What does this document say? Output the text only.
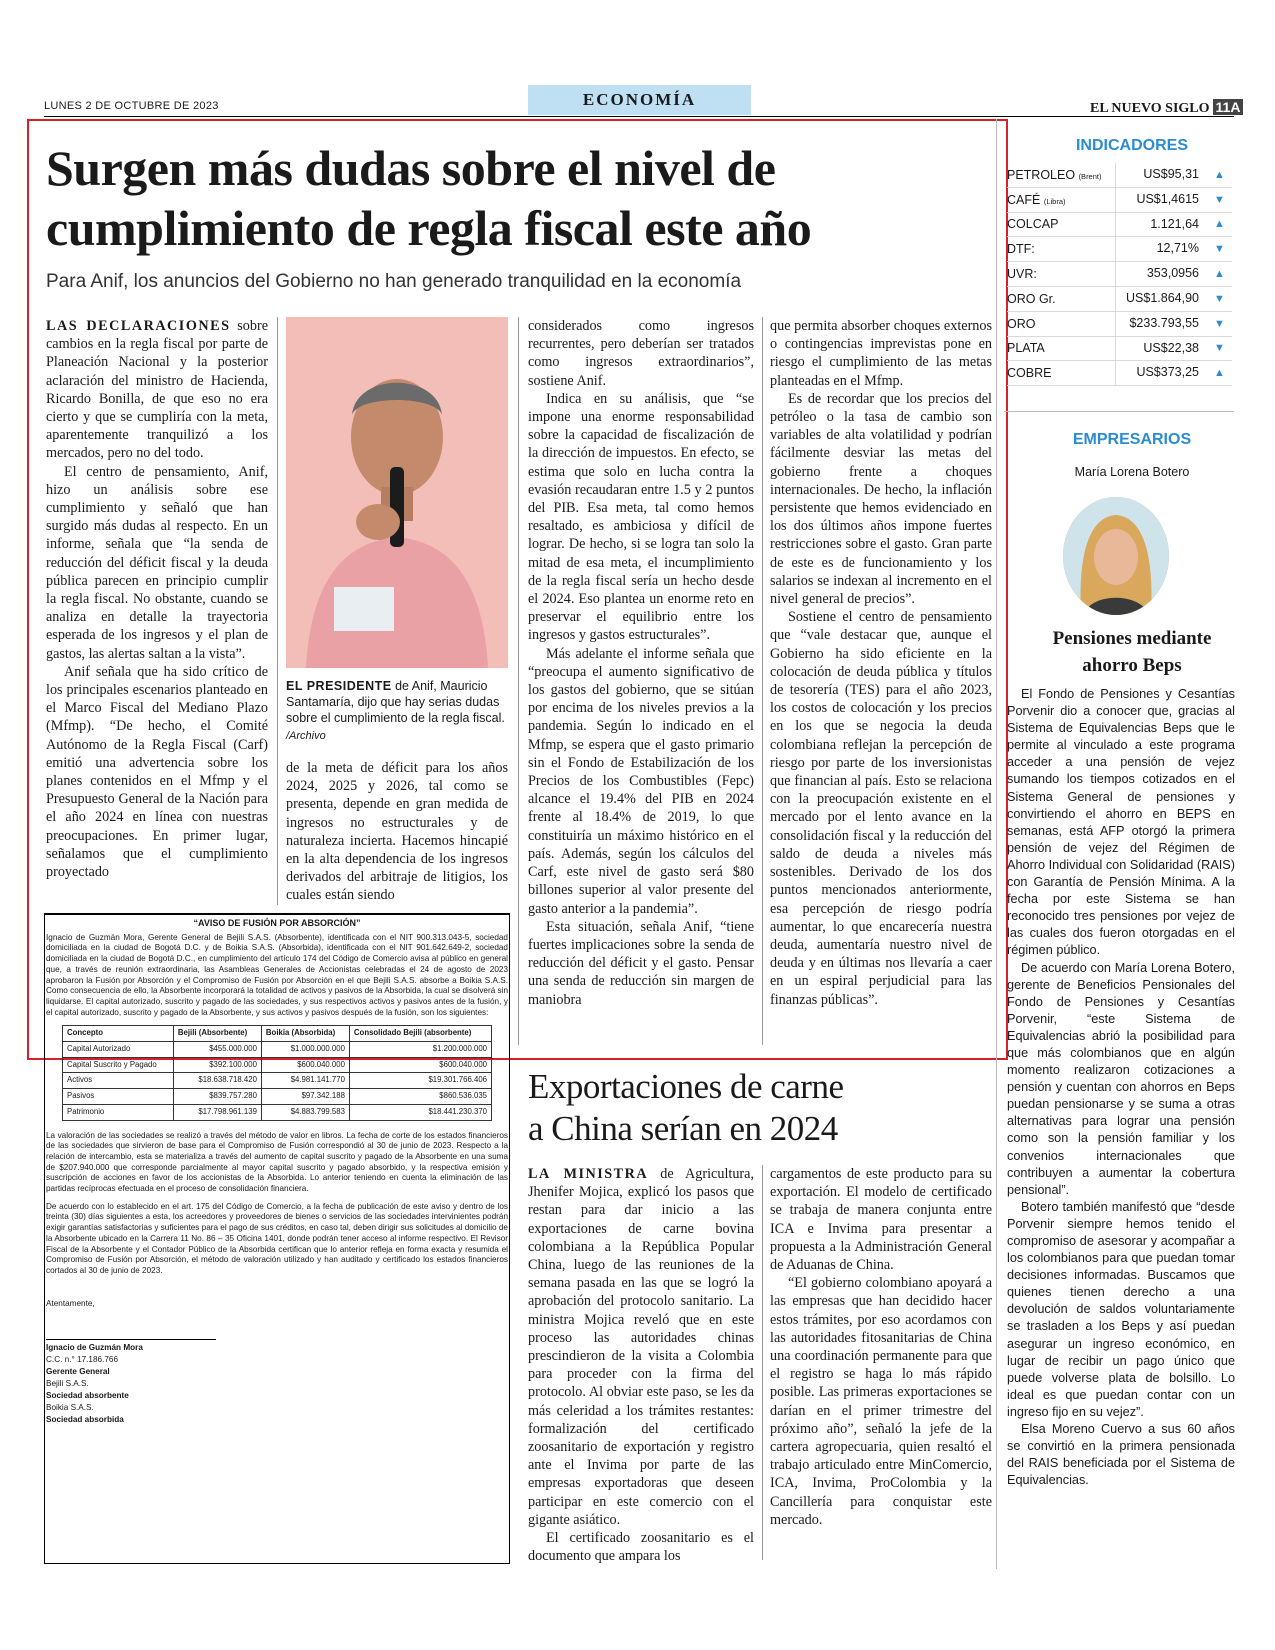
LUNES 2 DE OCTUBRE DE 2023	ECONOMÍA	EL NUEVO SIGLO 11A
Surgen más dudas sobre el nivel de
cumplimiento de regla fiscal este año
Para Anif, los anuncios del Gobierno no han generado tranquilidad en la economía

LAS DECLARACIONES sobre cambios en la regla fiscal por parte de Planeación Nacional y la posterior aclaración del ministro de Hacienda, Ricardo Bonilla, de que eso no era cierto y que se cumpliría con la meta, aparentemente tranquilizó a los mercados, pero no del todo.

El centro de pensamiento, Anif, hizo un análisis sobre ese cumplimiento y señaló que han surgido más dudas al respecto. En un informe, señala que “la senda de reducción del déficit fiscal y la deuda pública parecen en principio cumplir la regla fiscal. No obstante, cuando se analiza en detalle la trayectoria esperada de los ingresos y el plan de gastos, las alertas saltan a la vista”.

Anif señala que ha sido crítico de los principales escenarios planteado en el Marco Fiscal del Mediano Plazo (Mfmp). “De hecho, el Comité Autónomo de la Regla Fiscal (Carf) emitió una advertencia sobre los planes contenidos en el Mfmp y el Presupuesto General de la Nación para el año 2024 en línea con nuestras preocupaciones. En primer lugar, señalamos que el cumplimiento proyectado

EL PRESIDENTE de Anif, Mauricio Santamaría, dijo que hay serias dudas sobre el cumplimiento de la regla fiscal. /Archivo

de la meta de déficit para los años 2024, 2025 y 2026, tal como se presenta, depende en gran medida de ingresos no estructurales y de naturaleza incierta. Hacemos hincapié en la alta dependencia de los ingresos derivados del arbitraje de litigios, los cuales están siendo

considerados como ingresos recurrentes, pero deberían ser tratados como ingresos extraordinarios”, sostiene Anif.

Indica en su análisis, que “se impone una enorme responsabilidad sobre la capacidad de fiscalización de la dirección de impuestos. En efecto, se estima que solo en lucha contra la evasión recaudaran entre 1.5 y 2 puntos del PIB. Esa meta, tal como hemos resaltado, es ambiciosa y difícil de lograr. De hecho, si se logra tan solo la mitad de esa meta, el incumplimiento de la regla fiscal sería un hecho desde el 2024. Eso plantea un enorme reto en preservar el equilibrio entre los ingresos y gastos estructurales”.

Más adelante el informe señala que “preocupa el aumento significativo de los gastos del gobierno, que se sitúan por encima de los niveles previos a la pandemia. Según lo indicado en el Mfmp, se espera que el gasto primario sin el Fondo de Estabilización de los Precios de los Combustibles (Fepc) alcance el 19.4% del PIB en 2024 frente al 18.4% de 2019, lo que constituiría un máximo histórico en el país. Además, según los cálculos del Carf, este nivel de gasto será $80 billones superior al valor presente del gasto anterior a la pandemia”.

Esta situación, señala Anif, “tiene fuertes implicaciones sobre la senda de reducción del déficit y el gasto. Pensar una senda de reducción sin margen de maniobra

que permita absorber choques externos o contingencias imprevistas pone en riesgo el cumplimiento de las metas planteadas en el Mfmp.

Es de recordar que los precios del petróleo o la tasa de cambio son variables de alta volatilidad y podrían fácilmente desviar las metas del gobierno frente a choques internacionales. De hecho, la inflación persistente que hemos evidenciado en los dos últimos años impone fuertes restricciones sobre el gasto. Gran parte de este es de funcionamiento y los salarios se indexan al incremento en el nivel general de precios”.

Sostiene el centro de pensamiento que “vale destacar que, aunque el Gobierno ha sido eficiente en la colocación de deuda pública y títulos de tesorería (TES) para el año 2023, los costos de colocación y los precios en los que se negocia la deuda colombiana reflejan la percepción de riesgo por parte de los inversionistas que financian al país. Esto se relaciona con la preocupación existente en el mercado por el lento avance en la consolidación fiscal y la reducción del saldo de deuda a niveles más sostenibles. Derivado de los dos puntos mencionados anteriormente, esa percepción de riesgo podría aumentar, lo que encarecería nuestra deuda, aumentaría nuestro nivel de deuda y en últimas nos llevaría a caer en un espiral perjudicial para las finanzas públicas”.

“AVISO DE FUSIÓN POR ABSORCIÓN”

Ignacio de Guzmán Mora, Gerente General de Bejili S.A.S. (Absorbente), identificada con el NIT 900.313.043-5, sociedad domiciliada en la ciudad de Bogotá D.C. y de Boikia S.A.S. (Absorbida), identificada con el NIT 901.642.649-2, sociedad domiciliada en la ciudad de Bogotá D.C., en cumplimiento del artículo 174 del Código de Comercio avisa al público en general que, a través de reunión extraordinaria, las Asambleas Generales de Accionistas celebradas el 24 de agosto de 2023 aprobaron la Fusión por Absorción y el Compromiso de Fusión por Absorción en el que Bejili S.A.S. absorbe a Boikia S.A.S. Como consecuencia de ello, la Absorbente incorporará la totalidad de activos y pasivos de la Absorbida, la cual se disolverá sin liquidarse. El capital autorizado, suscrito y pagado de las sociedades, y sus respectivos activos y pasivos antes de la fusión, y el capital autorizado, suscrito y pagado de la Absorbente, y sus activos y pasivos después de la fusión, son los siguientes:

Concepto	Bejili (Absorbente)	Boikia (Absorbida)	Consolidado Bejili (absorbente)
Capital Autorizado	$455.000.000	$1.000.000.000	$1.200.000.000
Capital Suscrito y Pagado	$392.100.000	$600.040.000	$600.040.000
Activos	$18.638.718.420	$4.981.141.770	$19.301.766.406
Pasivos	$839.757.280	$97.342.188	$860.536.035
Patrimonio	$17.798.961.139	$4.883.799.583	$18.441.230.370

La valoración de las sociedades se realizó a través del método de valor en libros. La fecha de corte de los estados financieros de las sociedades que sirvieron de base para el Compromiso de Fusión correspondió al 30 de junio de 2023. Respecto a la relación de intercambio, esta se materializa a través del aumento de capital suscrito y pagado de la Absorbente en una suma de $207.940.000 que corresponde parcialmente al mayor capital suscrito y pagado absorbido, y la respectiva emisión y suscripción de acciones en favor de los accionistas de la Absorbida. Lo anterior teniendo en cuenta la eliminación de las partidas recíprocas efectuada en el proceso de consolidación financiera.

De acuerdo con lo establecido en el art. 175 del Código de Comercio, a la fecha de publicación de este aviso y dentro de los treinta (30) días siguientes a esta, los acreedores y proveedores de bienes o servicios de las sociedades intervinientes podrán exigir garantías satisfactorias y suficientes para el pago de sus créditos, en caso tal, deben dirigir sus solicitudes al domicilio de la Absorbente ubicado en la Carrera 11 No. 86 – 35 Oficina 1401, donde podrán tener acceso al informe respectivo. El Revisor Fiscal de la Absorbente y el Contador Público de la Absorbida certifican que lo anterior refleja en forma exacta y resumida el Compromiso de Fusión por Absorción, el método de valoración utilizado y han auditado y certificado los estados financieros cortados al 30 de junio de 2023.

Atentamente,

Ignacio de Guzmán Mora
C.C. n.° 17.186.766
Gerente General
Bejili S.A.S.
Sociedad absorbente
Boikia S.A.S.
Sociedad absorbida
Exportaciones de carne
a China serían en 2024

LA MINISTRA de Agricultura, Jhenifer Mojica, explicó los pasos que restan para dar inicio a las exportaciones de carne bovina colombiana a la República Popular China, luego de las reuniones de la semana pasada en las que se logró la aprobación del protocolo sanitario. La ministra Mojica reveló que en este proceso las autoridades chinas prescindieron de la visita a Colombia para proceder con la firma del protocolo. Al obviar este paso, se les da más celeridad a los trámites restantes: formalización del certificado zoosanitario de exportación y registro ante el Invima por parte de las empresas exportadoras que deseen participar en este comercio con el gigante asiático.

El certificado zoosanitario es el documento que ampara los

cargamentos de este producto para su exportación. El modelo de certificado se trabaja de manera conjunta entre ICA e Invima para presentar a propuesta a la Administración General de Aduanas de China.

“El gobierno colombiano apoyará a las empresas que han decidido hacer estos trámites, por eso acordamos con las autoridades fitosanitarias de China una coordinación permanente para que el registro se haga lo más rápido posible. Las primeras exportaciones se darían en el primer trimestre del próximo año”, señaló la jefe de la cartera agropecuaria, quien resaltó el trabajo articulado entre MinComercio, ICA, Invima, ProColombia y la Cancillería para conquistar este mercado.

INDICADORES
PETROLEO (Brent)	US$95,31	▲
CAFÉ (Libra)	US$1,4615	▼
COLCAP	1.121,64	▲
DTF:	12,71%	▼
UVR:	353,0956	▲
ORO Gr.	US$1.864,90	▼
ORO	$233.793,55	▼
PLATA	US$22,38	▼
COBRE	US$373,25	▲
EMPRESARIOS
María Lorena Botero
Pensiones mediante
ahorro Beps

El Fondo de Pensiones y Cesantías Porvenir dio a conocer que, gracias al Sistema de Equivalencias Beps que le permite al vinculado a este programa acceder a una pensión de vejez sumando los tiempos cotizados en el Sistema General de pensiones y convirtiendo el ahorro en BEPS en semanas, está AFP otorgó la primera pensión de vejez del Régimen de Ahorro Individual con Solidaridad (RAIS) con Garantía de Pensión Mínima. A la fecha por este Sistema se han reconocido tres pensiones por vejez de las cuales dos fueron otorgadas en el régimen público.

De acuerdo con María Lorena Botero, gerente de Beneficios Pensionales del Fondo de Pensiones y Cesantías Porvenir, “este Sistema de Equivalencias abrió la posibilidad para que más colombianos que en algún momento realizaron cotizaciones a pensión y cuentan con ahorros en Beps puedan pensionarse y se suma a otras alternativas para lograr una pensión como son la pensión familiar y los convenios internacionales que contribuyen a aumentar la cobertura pensional”.

Botero también manifestó que “desde Porvenir siempre hemos tenido el compromiso de asesorar y acompañar a los colombianos para que puedan tomar decisiones informadas. Buscamos que quienes tienen derecho a una devolución de saldos voluntariamente se trasladen a los Beps y así puedan asegurar un ingreso económico, en lugar de recibir un pago único que puede volverse plata de bolsillo. Lo ideal es que puedan contar con un ingreso fijo en su vejez”.

Elsa Moreno Cuervo a sus 60 años se convirtió en la primera pensionada del RAIS beneficiada por el Sistema de Equivalencias.
